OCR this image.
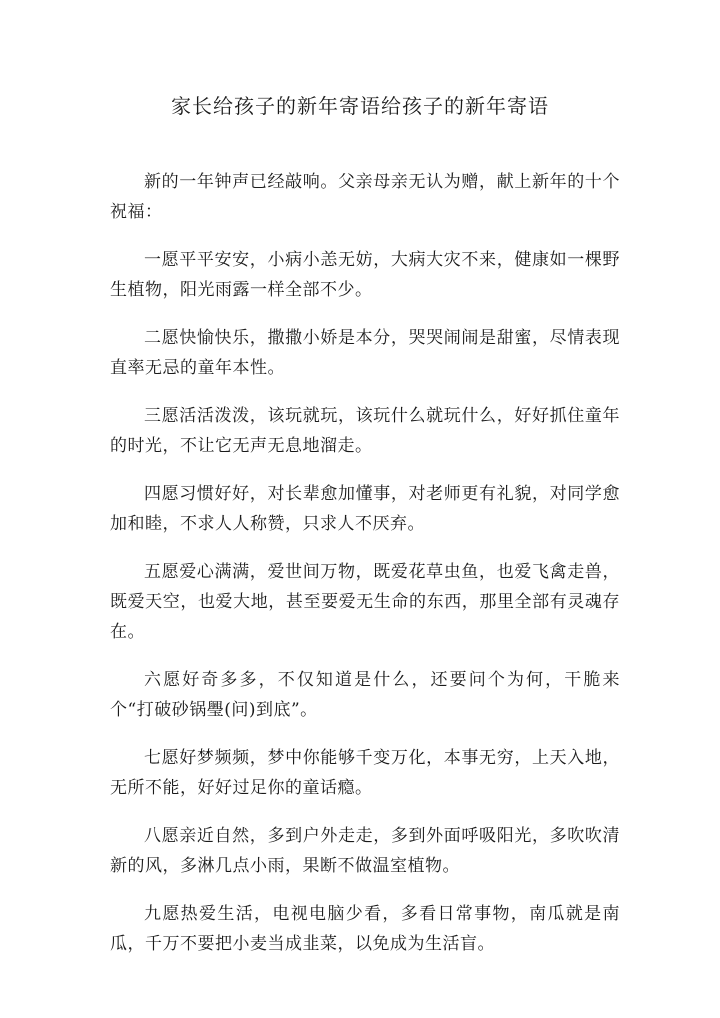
家长给孩子的新年寄语给孩子的新年寄语

新的一年钟声已经敲响。父亲母亲无认为赠，献上新年的十个祝福：

一愿平平安安，小病小恙无妨，大病大灾不来，健康如一棵野生植物，阳光雨露一样全部不少。

二愿快愉快乐，撒撒小娇是本分，哭哭闹闹是甜蜜，尽情表现直率无忌的童年本性。

三愿活活泼泼，该玩就玩，该玩什么就玩什么，好好抓住童年的时光，不让它无声无息地溜走。

四愿习惯好好，对长辈愈加懂事，对老师更有礼貌，对同学愈加和睦，不求人人称赞，只求人不厌弃。

五愿爱心满满，爱世间万物，既爱花草虫鱼，也爱飞禽走兽，既爱天空，也爱大地，甚至要爱无生命的东西，那里全部有灵魂存在。

六愿好奇多多，不仅知道是什么，还要问个为何，干脆来个“打破砂锅璺(问)到底”。

七愿好梦频频，梦中你能够千变万化，本事无穷，上天入地，无所不能，好好过足你的童话瘾。

八愿亲近自然，多到户外走走，多到外面呼吸阳光，多吹吹清新的风，多淋几点小雨，果断不做温室植物。

九愿热爱生活，电视电脑少看，多看日常事物，南瓜就是南瓜，千万不要把小麦当成韭菜，以免成为生活盲。
